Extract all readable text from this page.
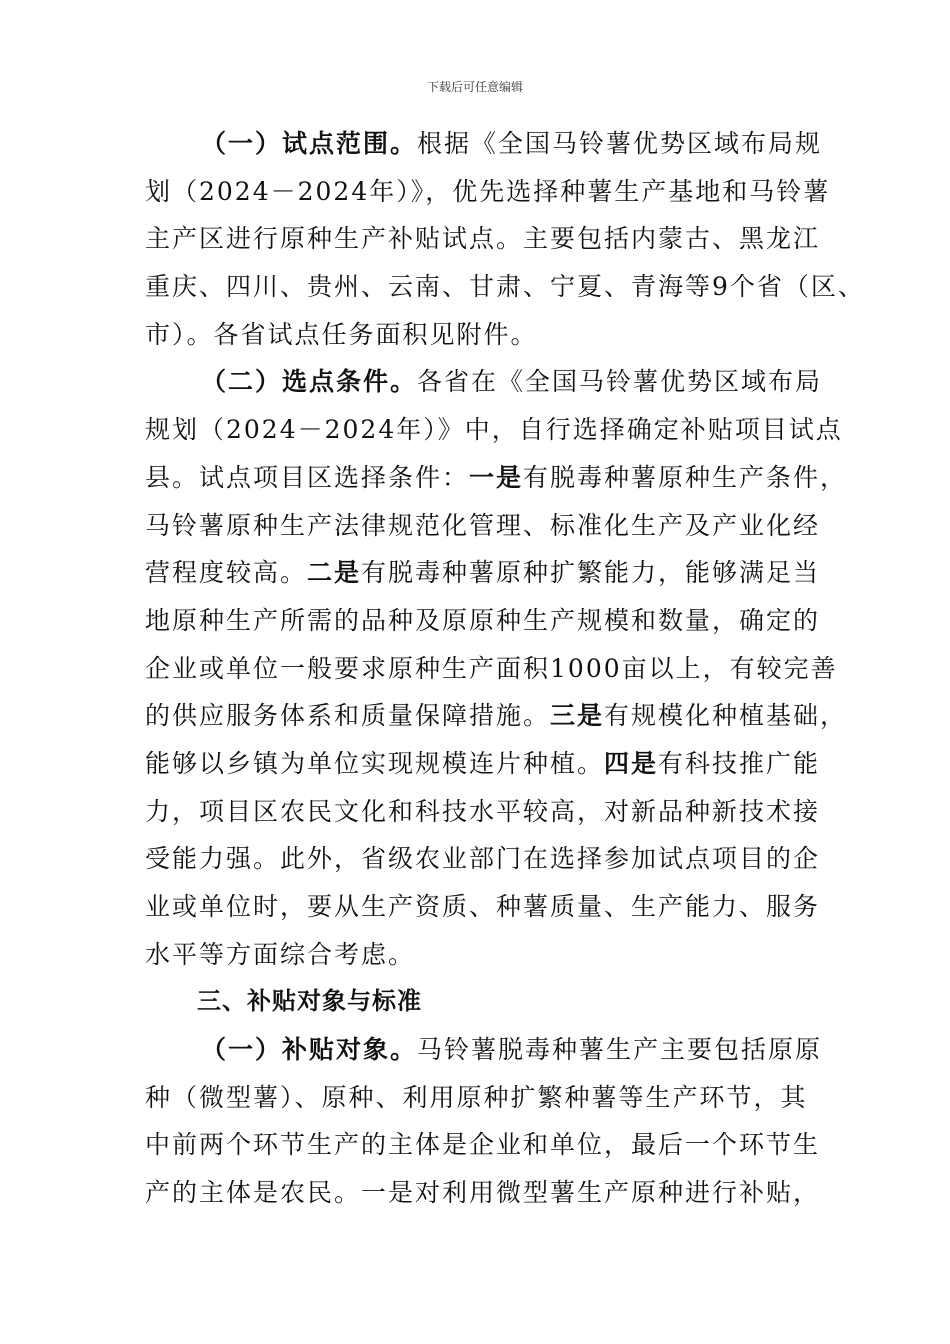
下载后可任意编辑
（一）试点范围。根据《全国马铃薯优势区域布局规
划（2024－2024年）》，优先选择种薯生产基地和马铃薯
主产区进行原种生产补贴试点。主要包括内蒙古、黑龙江
重庆、四川、贵州、云南、甘肃、宁夏、青海等9个省（区、
市）。各省试点任务面积见附件。
（二）选点条件。各省在《全国马铃薯优势区域布局
规划（2024－2024年）》中，自行选择确定补贴项目试点
县。试点项目区选择条件：一是有脱毒种薯原种生产条件，
马铃薯原种生产法律规范化管理、标准化生产及产业化经
营程度较高。二是有脱毒种薯原种扩繁能力，能够满足当
地原种生产所需的品种及原原种生产规模和数量，确定的
企业或单位一般要求原种生产面积1000亩以上，有较完善
的供应服务体系和质量保障措施。三是有规模化种植基础，
能够以乡镇为单位实现规模连片种植。四是有科技推广能
力，项目区农民文化和科技水平较高，对新品种新技术接
受能力强。此外，省级农业部门在选择参加试点项目的企
业或单位时，要从生产资质、种薯质量、生产能力、服务
水平等方面综合考虑。
三、补贴对象与标准
（一）补贴对象。马铃薯脱毒种薯生产主要包括原原
种（微型薯）、原种、利用原种扩繁种薯等生产环节，其
中前两个环节生产的主体是企业和单位，最后一个环节生
产的主体是农民。一是对利用微型薯生产原种进行补贴，
